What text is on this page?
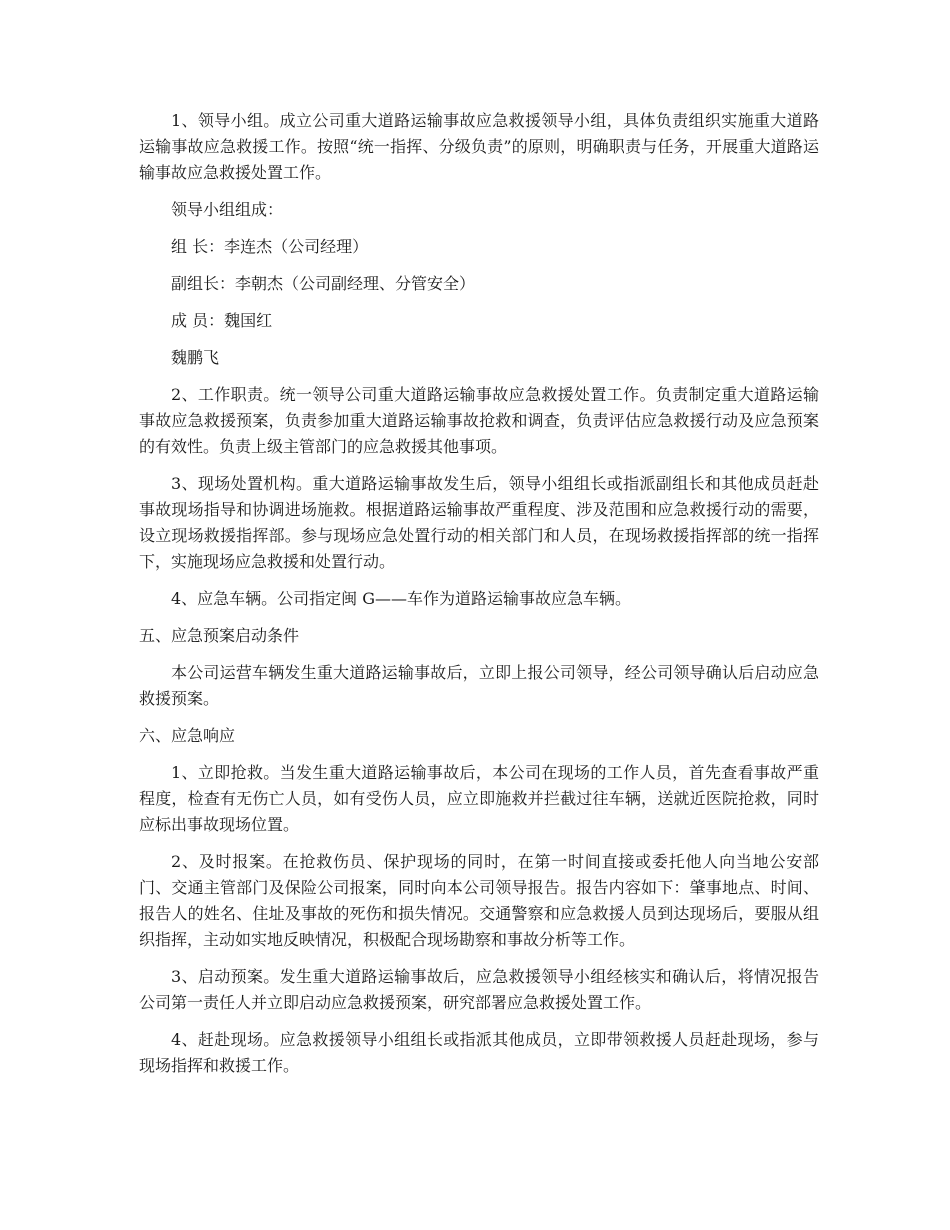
1、领导小组。成立公司重大道路运输事故应急救援领导小组，具体负责组织实施重大道路运输事故应急救援工作。按照“统一指挥、分级负责”的原则，明确职责与任务，开展重大道路运输事故应急救援处置工作。

领导小组组成：

组 长：李连杰（公司经理）

副组长：李朝杰（公司副经理、分管安全）

成 员：魏国红

魏鹏飞

2、工作职责。统一领导公司重大道路运输事故应急救援处置工作。负责制定重大道路运输事故应急救援预案，负责参加重大道路运输事故抢救和调查，负责评估应急救援行动及应急预案的有效性。负责上级主管部门的应急救援其他事项。

3、现场处置机构。重大道路运输事故发生后，领导小组组长或指派副组长和其他成员赶赴事故现场指导和协调进场施救。根据道路运输事故严重程度、涉及范围和应急救援行动的需要，设立现场救援指挥部。参与现场应急处置行动的相关部门和人员，在现场救援指挥部的统一指挥下，实施现场应急救援和处置行动。

4、应急车辆。公司指定闽 G——车作为道路运输事故应急车辆。

五、应急预案启动条件

本公司运营车辆发生重大道路运输事故后，立即上报公司领导，经公司领导确认后启动应急救援预案。

六、应急响应

1、立即抢救。当发生重大道路运输事故后，本公司在现场的工作人员，首先查看事故严重程度，检查有无伤亡人员，如有受伤人员，应立即施救并拦截过往车辆，送就近医院抢救，同时应标出事故现场位置。

2、及时报案。在抢救伤员、保护现场的同时，在第一时间直接或委托他人向当地公安部门、交通主管部门及保险公司报案，同时向本公司领导报告。报告内容如下：肇事地点、时间、报告人的姓名、住址及事故的死伤和损失情况。交通警察和应急救援人员到达现场后，要服从组织指挥，主动如实地反映情况，积极配合现场勘察和事故分析等工作。

3、启动预案。发生重大道路运输事故后，应急救援领导小组经核实和确认后，将情况报告公司第一责任人并立即启动应急救援预案，研究部署应急救援处置工作。

4、赶赴现场。应急救援领导小组组长或指派其他成员，立即带领救援人员赶赴现场，参与现场指挥和救援工作。
